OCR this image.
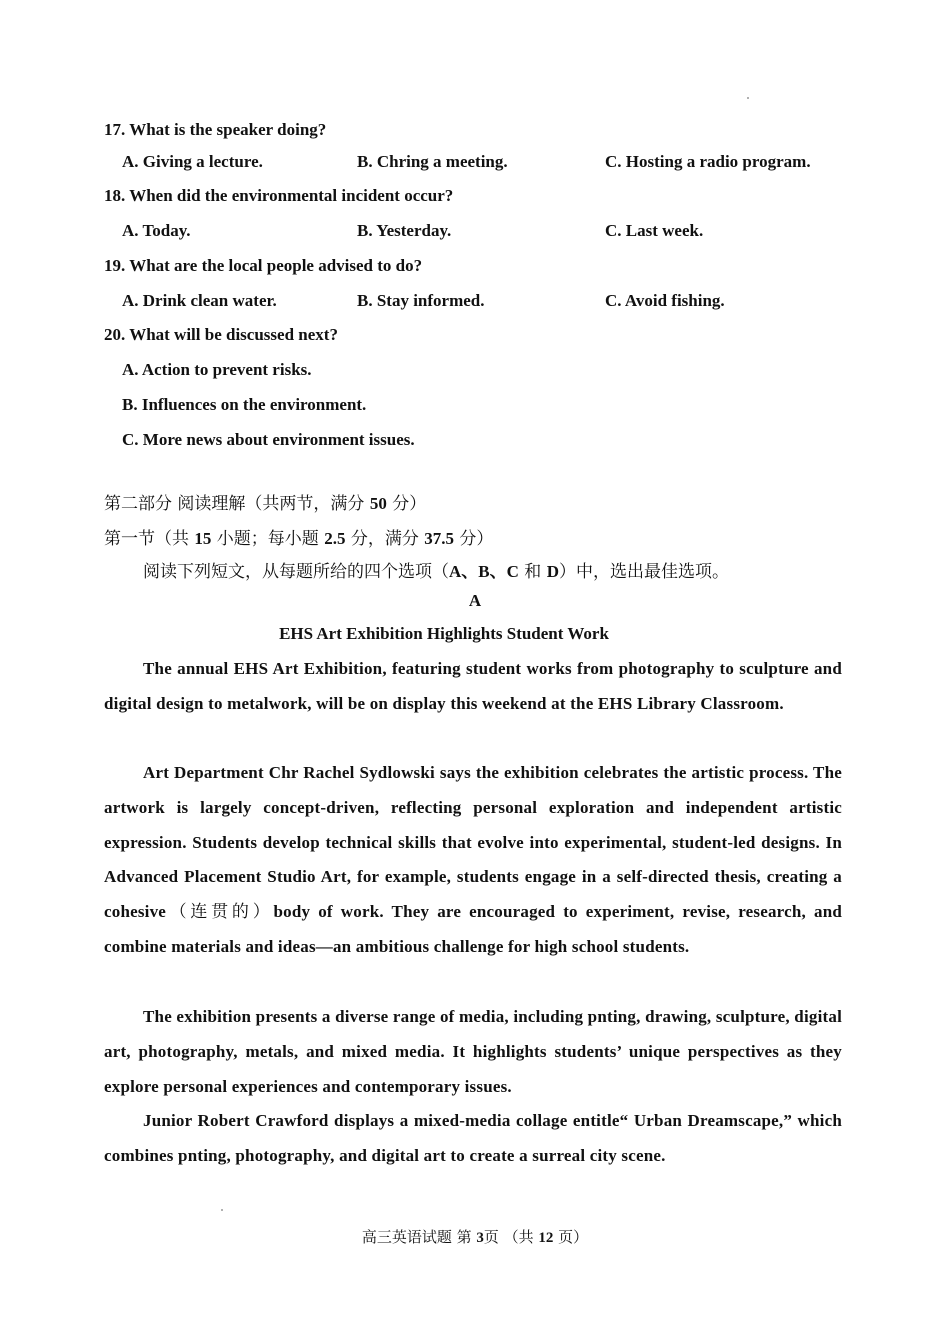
17. What is the speaker doing?
A. Giving a lecture.	B. Chring a meeting.	C. Hosting a radio program.
18. When did the environmental incident occur?
A. Today.	B. Yesterday.	C. Last week.
19. What are the local people advised to do?
A. Drink clean water.	B. Stay informed.	C. Avoid fishing.
20. What will be discussed next?
A. Action to prevent risks.
B. Influences on the environment.
C. More news about environment issues.
第二部分 阅读理解（共两节，满分 50 分）
第一节（共 15 小题；每小题 2.5 分，满分 37.5 分）
阅读下列短文，从每题所给的四个选项（A、B、C 和 D）中，选出最佳选项。
A
EHS Art Exhibition Highlights Student Work
The annual EHS Art Exhibition, featuring student works from photography to sculpture and digital design to metalwork, will be on display this weekend at the EHS Library Classroom.
Art Department Chr Rachel Sydlowski says the exhibition celebrates the artistic process. The artwork is largely concept-driven, reflecting personal exploration and independent artistic expression. Students develop technical skills that evolve into experimental, student-led designs. In Advanced Placement Studio Art, for example, students engage in a self-directed thesis, creating a cohesive（连贯的）body of work. They are encouraged to experiment, revise, research, and combine materials and ideas—an ambitious challenge for high school students.
The exhibition presents a diverse range of media, including pnting, drawing, sculpture, digital art, photography, metals, and mixed media. It highlights students’ unique perspectives as they explore personal experiences and contemporary issues.
Junior Robert Crawford displays a mixed-media collage entitle“ Urban Dreamscape,” which combines pnting, photography, and digital art to create a surreal city scene.
高三英语试题 第 3页 （共 12 页）
